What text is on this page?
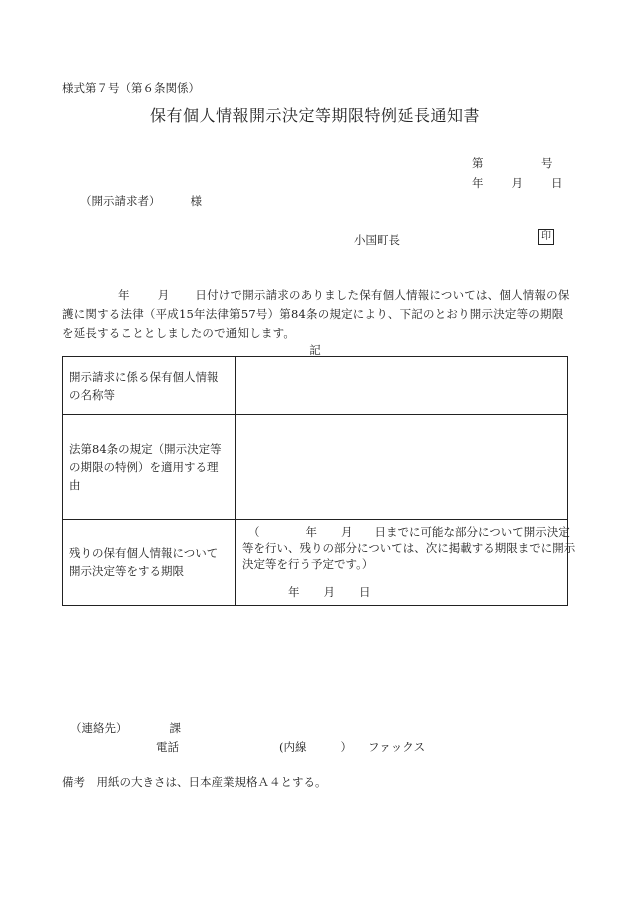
様式第７号（第６条関係）
保有個人情報開示決定等期限特例延長通知書
第	号
年 月 日
（開示請求者）	様
小国町長	印
年 月 日付けで開示請求のありました保有個人情報については、個人情報の保護に関する法律（平成15年法律第57号）第84条の規定により、下記のとおり開示決定等の期限を延長することとしましたので通知します。
記
開示請求に係る保有個人情報の名称等	
法第84条の規定（開示決定等の期限の特例）を適用する理由	
残りの保有個人情報について開示決定等をする期限	（ 年 月 日までに可能な部分について開示決定等を行い、残りの部分については、次に掲載する期限までに開示決定等を行う予定です。）
年 月 日
（連絡先）	課
電話	(内線	） ファックス
備考　用紙の大きさは、日本産業規格Ａ４とする。
